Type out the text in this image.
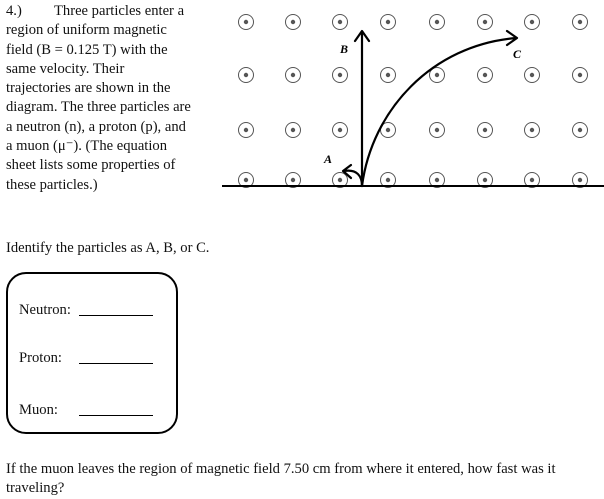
4.) Three particles enter a

region of uniform magnetic

field (B = 0.125 T) with the

same velocity. Their

trajectories are shown in the

diagram. The three particles are

a neutron (n), a proton (p), and

a muon (μ⁻). (The equation

sheet lists some properties of

these particles.)

B	C
A
Identify the particles as A, B, or C.
Neutron:
Proton:
Muon:

If the muon leaves the region of magnetic field 7.50 cm from where it entered, how fast was it

traveling?
